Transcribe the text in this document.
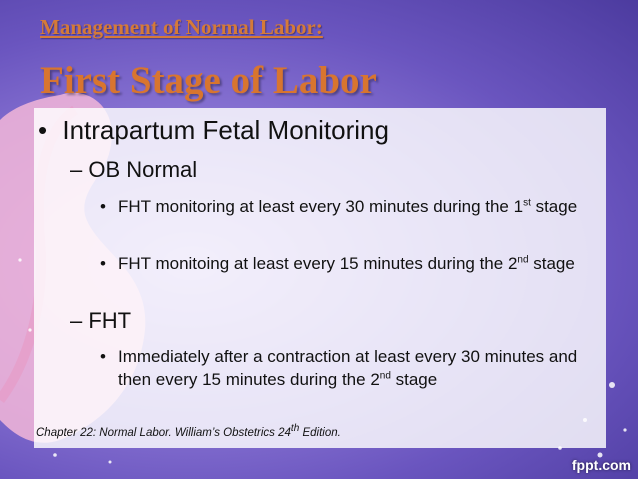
Management of Normal Labor:
First Stage of Labor
• Intrapartum Fetal Monitoring
– OB Normal
• FHT monitoring at least every 30 minutes during the 1st stage
• FHT monitoing at least every 15 minutes during the 2nd stage
– FHT
• Immediately after a contraction at least every 30 minutes and then every 15 minutes during the 2nd stage
Chapter 22: Normal Labor. William’s Obstetrics 24th Edition.
fppt.com
